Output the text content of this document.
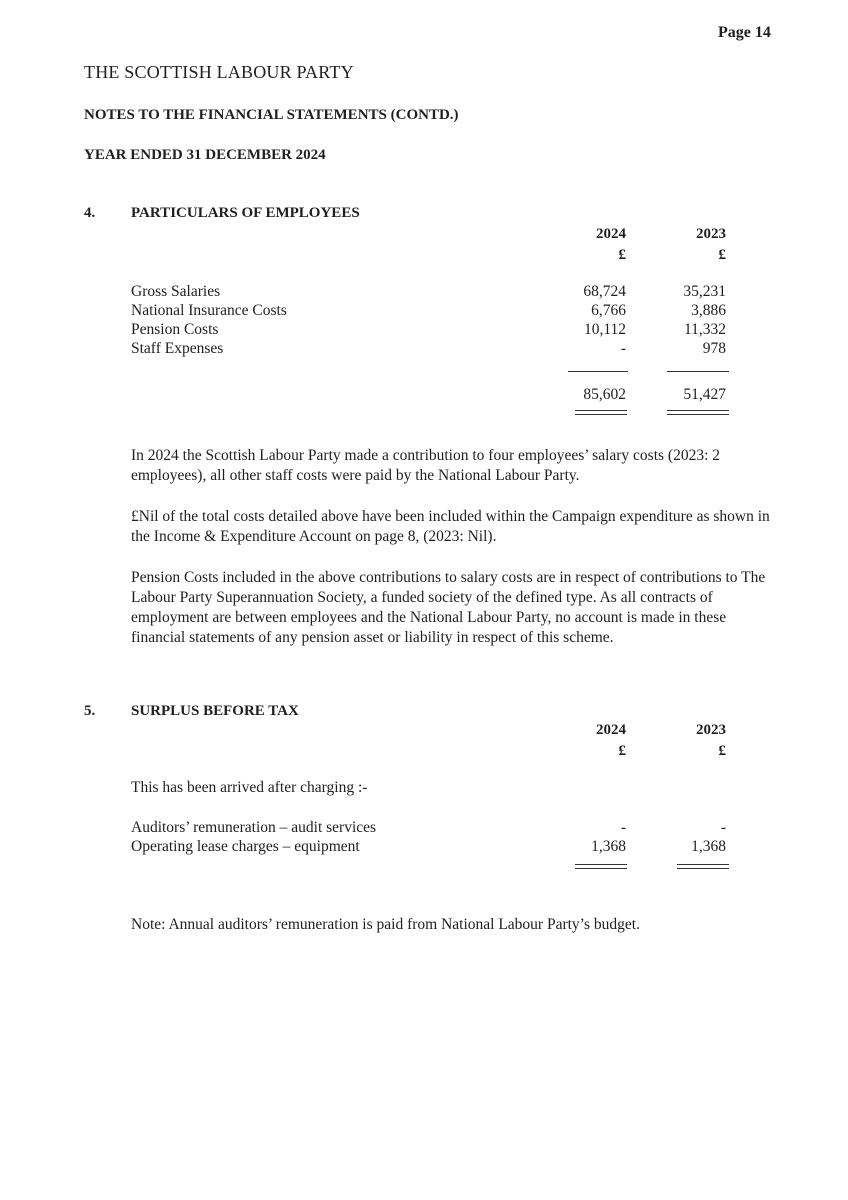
Page 14
THE SCOTTISH LABOUR PARTY
NOTES TO THE FINANCIAL STATEMENTS (CONTD.)
YEAR ENDED 31 DECEMBER 2024
4. PARTICULARS OF EMPLOYEES
2024	2023
£	£
Gross Salaries	68,724	35,231
National Insurance Costs	6,766	3,886
Pension Costs	10,112	11,332
Staff Expenses	-	978
85,602	51,427
In 2024 the Scottish Labour Party made a contribution to four employees’ salary costs (2023: 2 employees), all other staff costs were paid by the National Labour Party.
£Nil of the total costs detailed above have been included within the Campaign expenditure as shown in the Income & Expenditure Account on page 8, (2023: Nil).
Pension Costs included in the above contributions to salary costs are in respect of contributions to The Labour Party Superannuation Society, a funded society of the defined type. As all contracts of employment are between employees and the National Labour Party, no account is made in these financial statements of any pension asset or liability in respect of this scheme.
5. SURPLUS BEFORE TAX
2024	2023
£	£
This has been arrived after charging :-
Auditors’ remuneration – audit services	-	-
Operating lease charges – equipment	1,368	1,368
Note: Annual auditors’ remuneration is paid from National Labour Party’s budget.
